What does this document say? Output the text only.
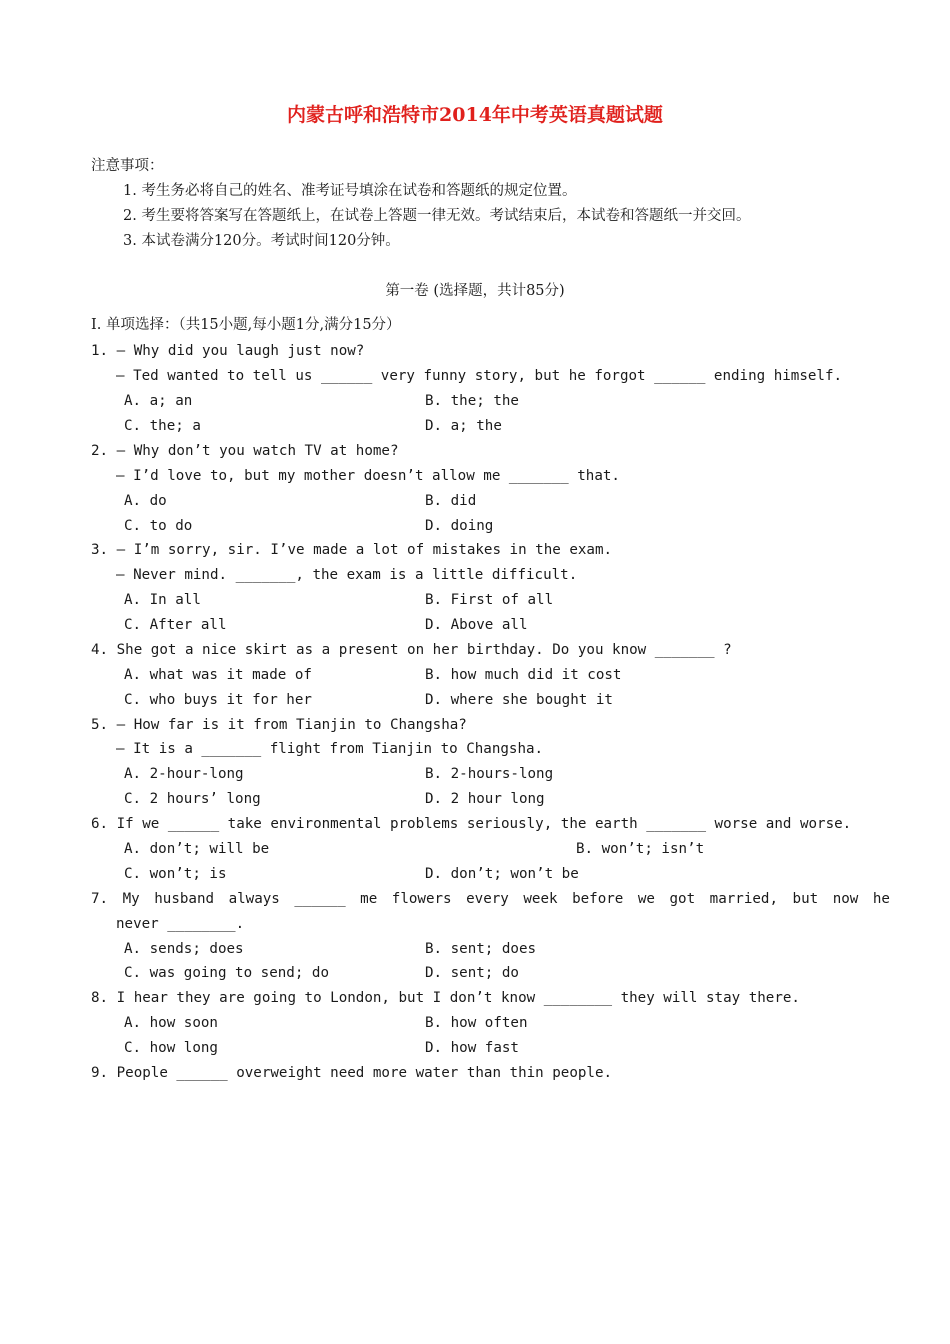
内蒙古呼和浩特市2014年中考英语真题试题
注意事项：
1. 考生务必将自己的姓名、准考证号填涂在试卷和答题纸的规定位置。
2. 考生要将答案写在答题纸上，在试卷上答题一律无效。考试结束后，本试卷和答题纸一并交回。
3. 本试卷满分120分。考试时间120分钟。
第一卷 (选择题，共计85分)
I. 单项选择：（共15小题,每小题1分,满分15分）
1. — Why did you laugh just now?
— Ted wanted to tell us ______ very funny story, but he forgot ______ ending himself.
A. a; an	B. the; the
C. the; a	D. a; the
2. — Why don’t you watch TV at home?
— I’d love to, but my mother doesn’t allow me _______ that.
A. do	B. did
C. to do	D. doing
3. — I’m sorry, sir. I’ve made a lot of mistakes in the exam.
— Never mind. _______, the exam is a little difficult.
A. In all	B. First of all
C. After all	D. Above all
4. She got a nice skirt as a present on her birthday. Do you know _______ ?
A. what was it made of	B. how much did it cost
C. who buys it for her	D. where she bought it
5. — How far is it from Tianjin to Changsha?
— It is a _______ flight from Tianjin to Changsha.
A. 2-hour-long	B. 2-hours-long
C. 2 hours’ long	D. 2 hour long
6. If we ______ take environmental problems seriously, the earth _______ worse and worse.
A. don’t; will be	B. won’t; isn’t
C. won’t; is	D. don’t; won’t be
7. My husband always ______ me flowers every week before we got married, but now he
never ________.
A. sends; does	B. sent; does
C. was going to send; do	D. sent; do
8. I hear they are going to London, but I don’t know ________ they will stay there.
A. how soon	B. how often
C. how long	D. how fast
9. People ______ overweight need more water than thin people.
